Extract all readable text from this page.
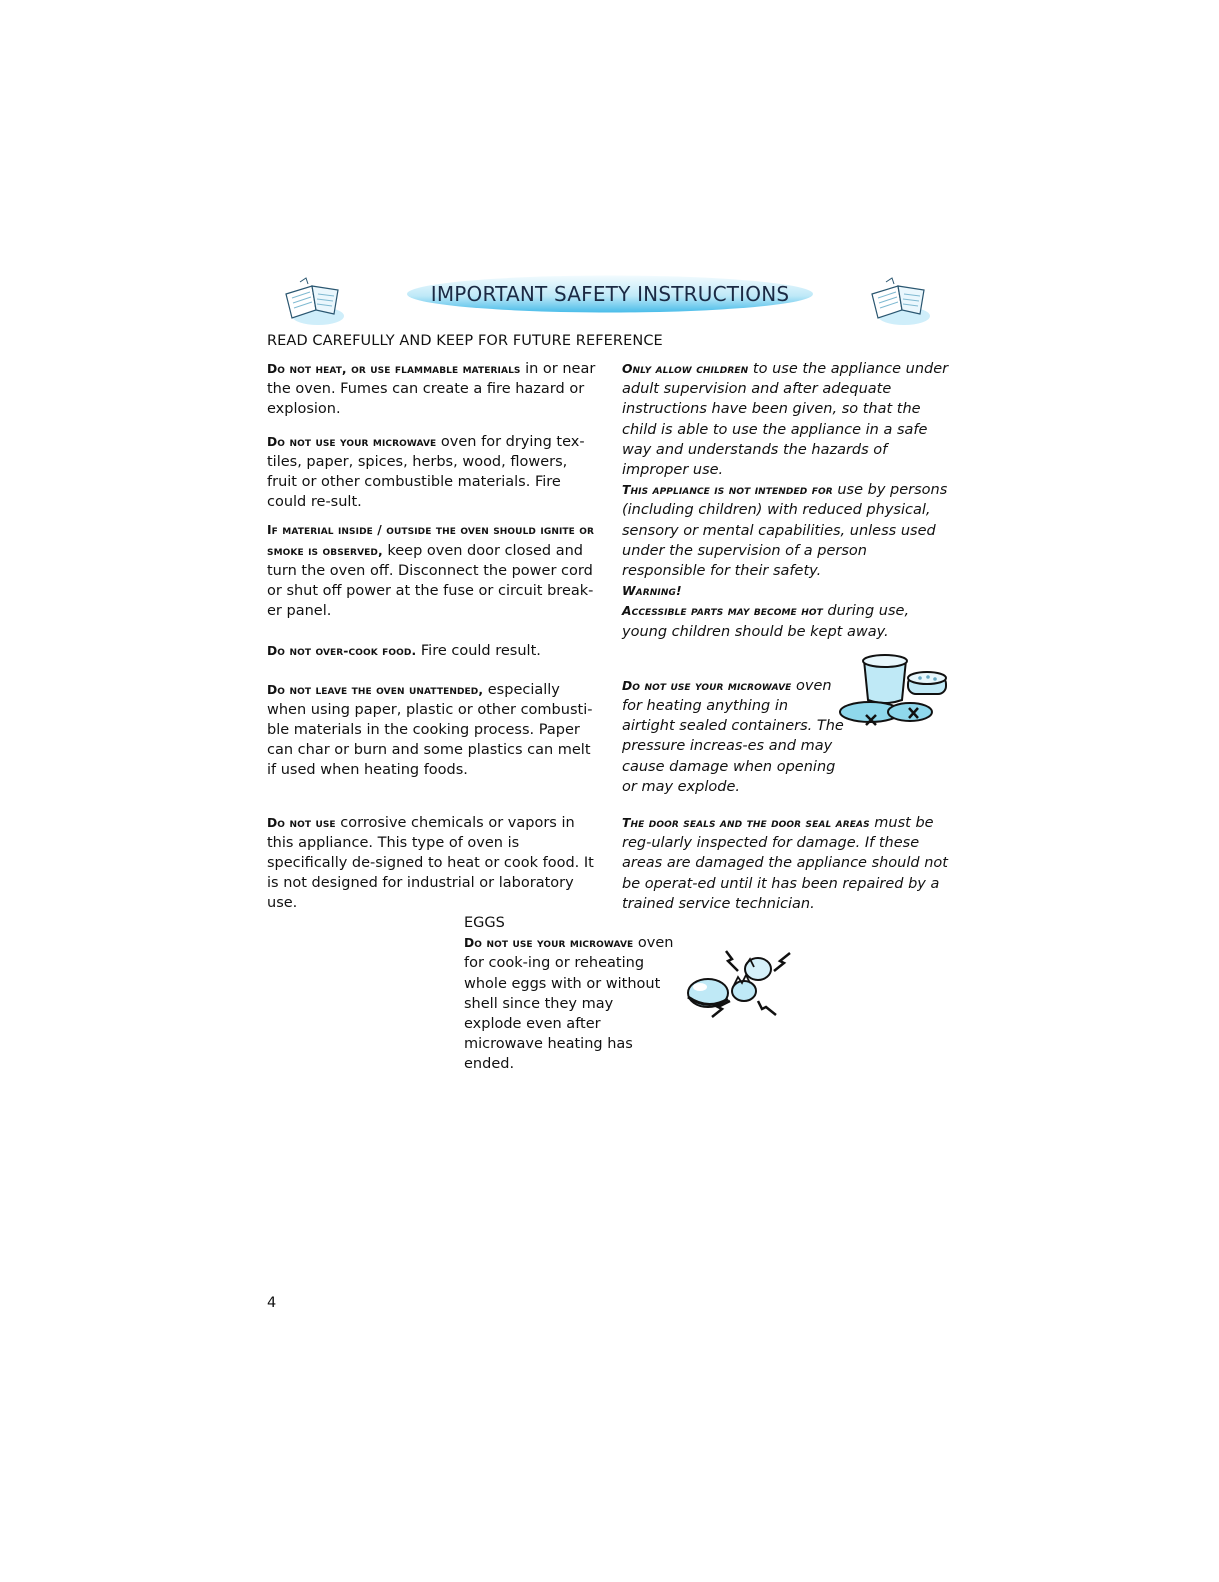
IMPORTANT SAFETY INSTRUCTIONS
READ CAREFULLY AND KEEP FOR FUTURE REFERENCE

Do not heat, or use flammable materials in or near the oven. Fumes can create a fire hazard or explosion.

Do not use your microwave oven for drying tex-tiles, paper, spices, herbs, wood, flowers, fruit or other combustible materials. Fire could re-sult.

If material inside / outside the oven should ignite or smoke is observed, keep oven door closed and turn the oven off. Disconnect the power cord or shut off power at the fuse or circuit break-er panel.

Do not over-cook food. Fire could result.

Do not leave the oven unattended, especially when using paper, plastic or other combusti-ble materials in the cooking process. Paper can char or burn and some plastics can melt if used when heating foods.

Do not use corrosive chemicals or vapors in this appliance. This type of oven is specifically de-signed to heat or cook food. It is not designed for industrial or laboratory use.

Only allow children to use the appliance under adult supervision and after adequate instructions have been given, so that the child is able to use the appliance in a safe way and understands the hazards of improper use.

This appliance is not intended for use by persons (including children) with reduced physical, sensory or mental capabilities, unless used under the supervision of a person responsible for their safety.

Warning!

Accessible parts may become hot during use, young children should be kept away.

Do not use your microwave oven for heating anything in airtight sealed containers. The pressure increas-es and may cause damage when opening or may explode.

The door seals and the door seal areas must be reg-ularly inspected for damage. If these areas are damaged the appliance should not be operat-ed until it has been repaired by a trained service technician.

EGGS

Do not use your microwave oven for cook-ing or reheating whole eggs with or without shell since they may explode even after microwave heating has ended.

4
